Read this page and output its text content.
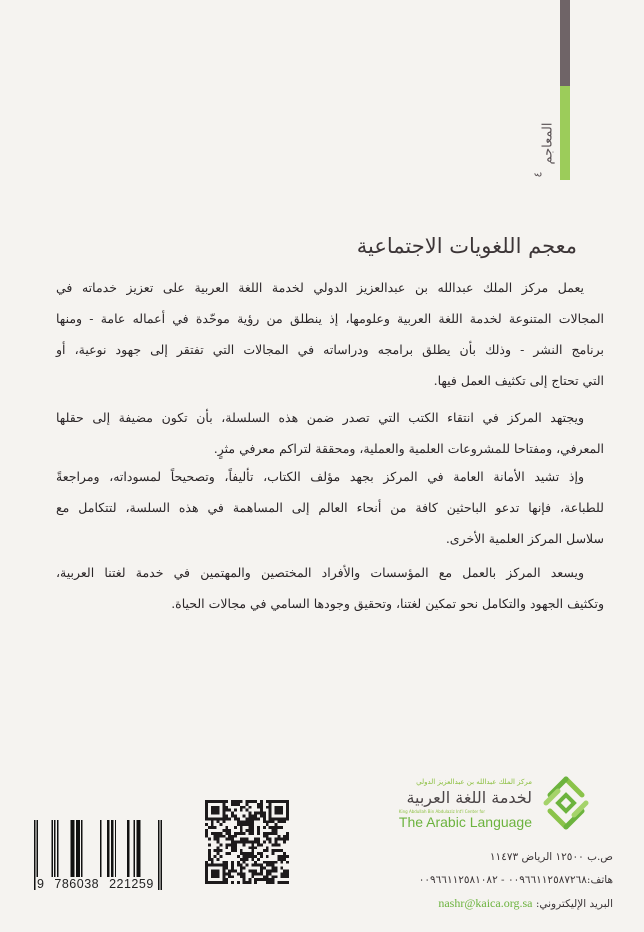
المعاجم
٤
معجم اللغويات الاجتماعية
يعمل مركز الملك عبدالله بن عبدالعزيز الدولي لخدمة اللغة العربية على تعزيز خدماته في
المجالات المتنوعة لخدمة اللغة العربية وعلومها، إذ ينطلق من رؤية موحّدة في أعماله عامة - ومنها
برنامج النشر - وذلك بأن يطلق برامجه ودراساته في المجالات التي تفتقر إلى جهود نوعية، أو
التي تحتاج إلى تكثيف العمل فيها.
ويجتهد المركز في انتقاء الكتب التي تصدر ضمن هذه السلسلة، بأن تكون مضيفة إلى حقلها
المعرفي، ومفتاحا للمشروعات العلمية والعملية، ومحققة لتراكم معرفي مثرٍ.
وإذ تشيد الأمانة العامة في المركز بجهد مؤلف الكتاب، تأليفاً، وتصحيحاً لمسوداته، ومراجعةً
للطباعة، فإنها تدعو الباحثين كافة من أنحاء العالم إلى المساهمة في هذه السلسة، لتتكامل مع
سلاسل المركز العلمية الأخرى.
ويسعد المركز بالعمل مع المؤسسات والأفراد المختصين والمهتمين في خدمة لغتنا العربية،
وتكثيف الجهود والتكامل نحو تمكين لغتنا، وتحقيق وجودها السامي في مجالات الحياة.
مركز الملك عبدالله بن عبدالعزيز الدولي
لخدمة اللغة العربية
King Abdullah Bin Abdulaziz Int'l Center for
The Arabic Language
ص.ب ١٢٥٠٠ الرياض ١١٤٧٣
هاتف:٠٠٩٦٦١١٢٥٨٧٢٦٨ - ٠٠٩٦٦١١٢٥٨١٠٨٢
البريد الإليكتروني: nashr@kaica.org.sa
9 786038 221259
